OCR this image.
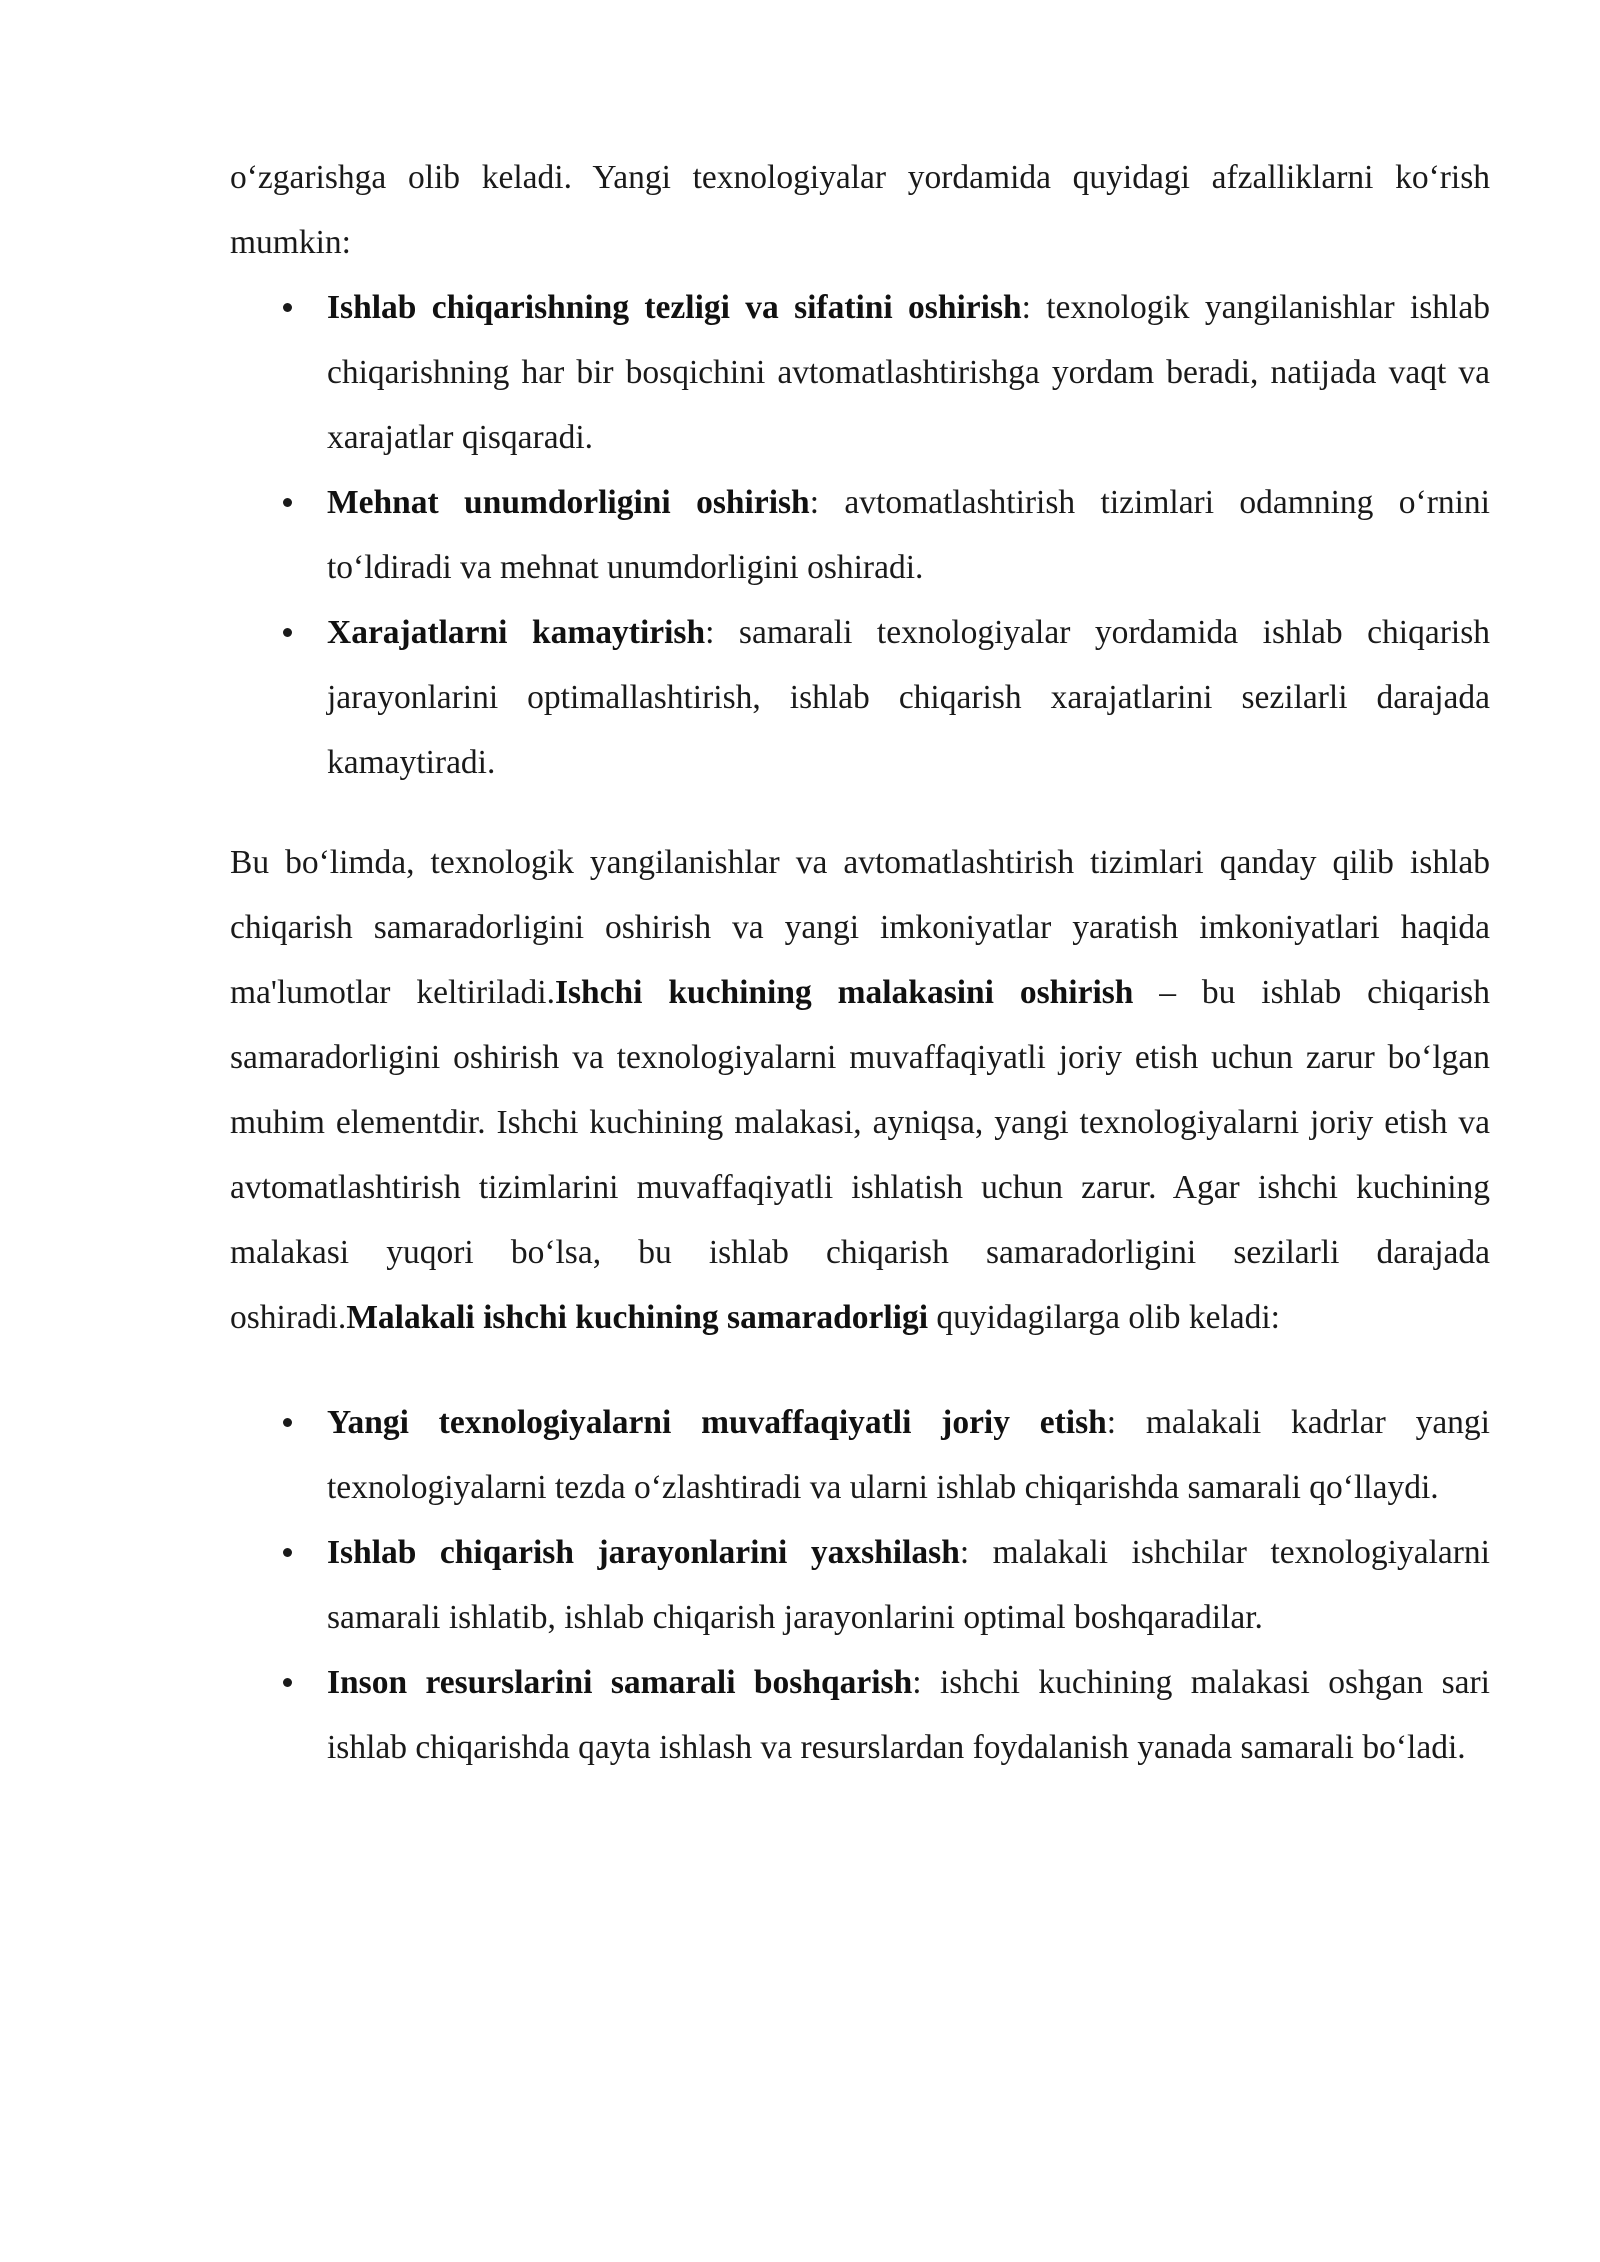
o‘zgarishga olib keladi. Yangi texnologiyalar yordamida quyidagi afzalliklarni ko‘rish mumkin:

Ishlab chiqarishning tezligi va sifatini oshirish: texnologik yangilanishlar ishlab chiqarishning har bir bosqichini avtomatlashtirishga yordam beradi, natijada vaqt va xarajatlar qisqaradi.
Mehnat unumdorligini oshirish: avtomatlashtirish tizimlari odamning o‘rnini to‘ldiradi va mehnat unumdorligini oshiradi.
Xarajatlarni kamaytirish: samarali texnologiyalar yordamida ishlab chiqarish jarayonlarini optimallashtirish, ishlab chiqarish xarajatlarini sezilarli darajada kamaytiradi.

Bu bo‘limda, texnologik yangilanishlar va avtomatlashtirish tizimlari qanday qilib ishlab chiqarish samaradorligini oshirish va yangi imkoniyatlar yaratish imkoniyatlari haqida ma'lumotlar keltiriladi.Ishchi kuchining malakasini oshirish – bu ishlab chiqarish samaradorligini oshirish va texnologiyalarni muvaffaqiyatli joriy etish uchun zarur bo‘lgan muhim elementdir. Ishchi kuchining malakasi, ayniqsa, yangi texnologiyalarni joriy etish va avtomatlashtirish tizimlarini muvaffaqiyatli ishlatish uchun zarur. Agar ishchi kuchining malakasi yuqori bo‘lsa, bu ishlab chiqarish samaradorligini sezilarli darajada oshiradi.Malakali ishchi kuchining samaradorligi quyidagilarga olib keladi:

Yangi texnologiyalarni muvaffaqiyatli joriy etish: malakali kadrlar yangi texnologiyalarni tezda o‘zlashtiradi va ularni ishlab chiqarishda samarali qo‘llaydi.
Ishlab chiqarish jarayonlarini yaxshilash: malakali ishchilar texnologiyalarni samarali ishlatib, ishlab chiqarish jarayonlarini optimal boshqaradilar.
Inson resurslarini samarali boshqarish: ishchi kuchining malakasi oshgan sari ishlab chiqarishda qayta ishlash va resurslardan foydalanish yanada samarali bo‘ladi.
